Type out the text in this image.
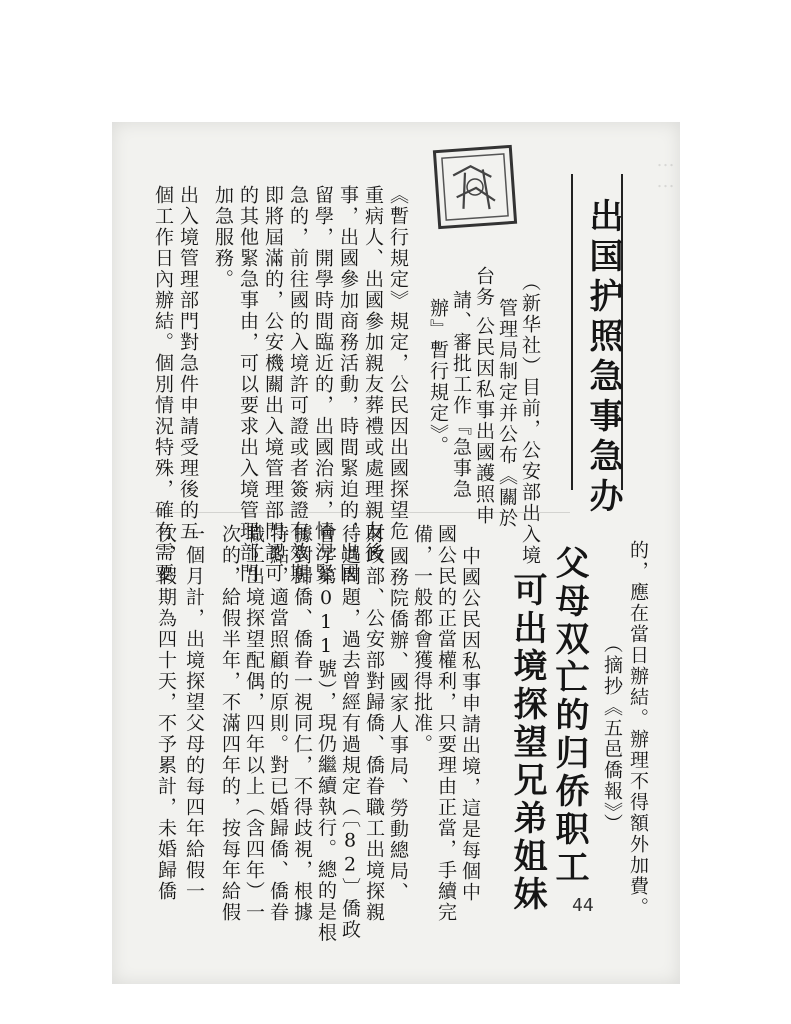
……
出国护照急事急办
（新华社）目前，公安部出入境
管理局制定并公布《關於
台务
公民因私事出國護照申
請、審批工作『急事急
辦』暫行規定》。
《暫行規定》規定，公民因出國探望危
重病人、出國參加親友葬禮或處理親友後
事，出國參加商務活動，時間緊迫的，出國
留學，開學時間臨近的，出國治病，情況緊
急的，前往國的入境許可證或者簽證有效期
即將屆滿的，公安機關出入境管理部門認可
的其他緊急事由，可以要求出入境管理部門
加急服務。
出入境管理部門對急件申請受理後的五
個工作日內辦結。個別情況特殊，確有需要
的，應在當日辦結。辦理不得額外加費。
（摘抄《五邑僑報》）
父母双亡的归侨职工
可出境探望兄弟姐妹
中國公民因私事申請出境，這是每個中
國公民的正當權利，只要理由正當，手續完
備，一般都會獲得批准。
國務院僑辦、國家人事局、勞動總局、
財政部、公安部對歸僑、僑眷職工出境探親
待遇問題，過去曾經有過規定（〔82〕僑政
會字第011號），現仍繼續執行。總的是根
據對歸僑、僑眷一視同仁，不得歧視，根據
特點，適當照顧的原則。對已婚歸僑、僑眷
職工出境探望配偶，四年以上（含四年）一
次的，給假半年，不滿四年的，按每年給假
一個月計，出境探望父母的每四年給假一
次，假期為四十天，不予累計，未婚歸僑
44
